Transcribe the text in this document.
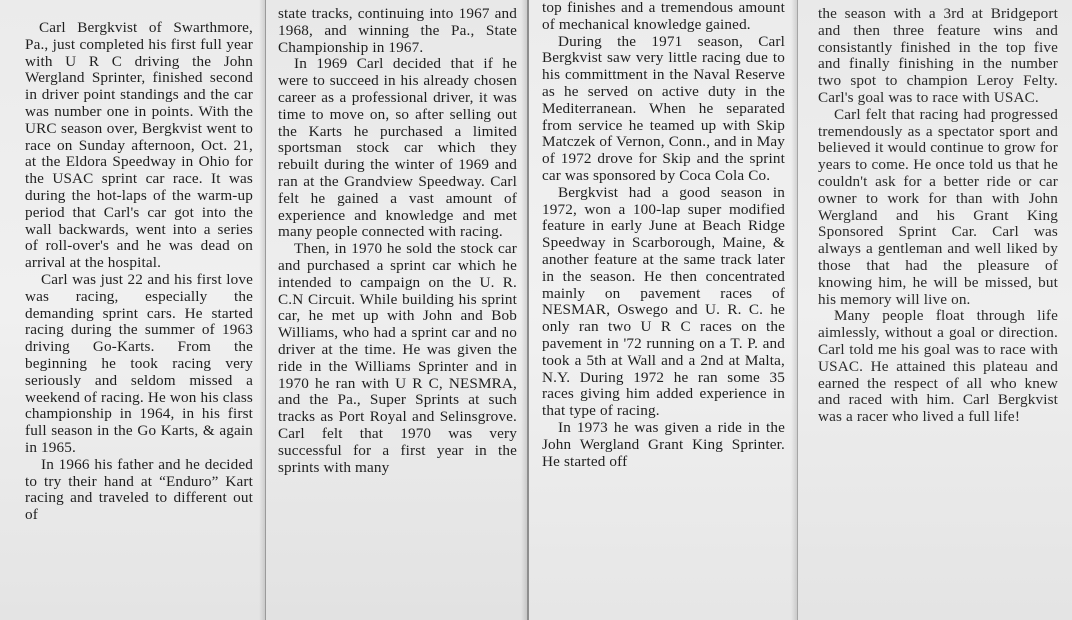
Carl Bergkvist of Swarthmore, Pa., just completed his first full year with U R C driving the John Wergland Sprinter, finished second in driver point standings and the car was number one in points. With the URC season over, Bergkvist went to race on Sunday afternoon, Oct. 21, at the Eldora Speedway in Ohio for the USAC sprint car race. It was during the hot-laps of the warm-up period that Carl's car got into the wall backwards, went into a series of roll-over's and he was dead on arrival at the hospital.

Carl was just 22 and his first love was racing, especially the demanding sprint cars. He started racing during the summer of 1963 driving Go-Karts. From the beginning he took racing very seriously and seldom missed a weekend of racing. He won his class championship in 1964, in his first full season in the Go Karts, & again in 1965.

In 1966 his father and he decided to try their hand at “Enduro” Kart racing and traveled to different out of

state tracks, continuing into 1967 and 1968, and winning the Pa., State Championship in 1967.

In 1969 Carl decided that if he were to succeed in his already chosen career as a professional driver, it was time to move on, so after selling out the Karts he purchased a limited sportsman stock car which they rebuilt during the winter of 1969 and ran at the Grandview Speedway. Carl felt he gained a vast amount of experience and knowledge and met many people connected with racing.

Then, in 1970 he sold the stock car and purchased a sprint car which he intended to campaign on the U. R. C.N Circuit. While building his sprint car, he met up with John and Bob Williams, who had a sprint car and no driver at the time. He was given the ride in the Williams Sprinter and in 1970 he ran with U R C, NESMRA, and the Pa., Super Sprints at such tracks as Port Royal and Selinsgrove. Carl felt that 1970 was very successful for a first year in the sprints with many

top finishes and a tremendous amount of mechanical knowledge gained.

During the 1971 season, Carl Bergkvist saw very little racing due to his committment in the Naval Reserve as he served on active duty in the Mediterranean. When he separated from service he teamed up with Skip Matczek of Vernon, Conn., and in May of 1972 drove for Skip and the sprint car was sponsored by Coca Cola Co.

Bergkvist had a good season in 1972, won a 100-lap super modified feature in early June at Beach Ridge Speedway in Scarborough, Maine, & another feature at the same track later in the season. He then concentrated mainly on pavement races of NESMAR, Oswego and U. R. C. he only ran two U R C races on the pavement in '72 running on a T. P. and took a 5th at Wall and a 2nd at Malta, N.Y. During 1972 he ran some 35 races giving him added experience in that type of racing.

In 1973 he was given a ride in the John Wergland Grant King Sprinter. He started off

the season with a 3rd at Bridgeport and then three feature wins and consistantly finished in the top five and finally finishing in the number two spot to champion Leroy Felty. Carl's goal was to race with USAC.

Carl felt that racing had progressed tremendously as a spectator sport and believed it would continue to grow for years to come. He once told us that he couldn't ask for a better ride or car owner to work for than with John Wergland and his Grant King Sponsored Sprint Car. Carl was always a gentleman and well liked by those that had the pleasure of knowing him, he will be missed, but his memory will live on.

Many people float through life aimlessly, without a goal or direction. Carl told me his goal was to race with USAC. He attained this plateau and earned the respect of all who knew and raced with him. Carl Bergkvist was a racer who lived a full life!
